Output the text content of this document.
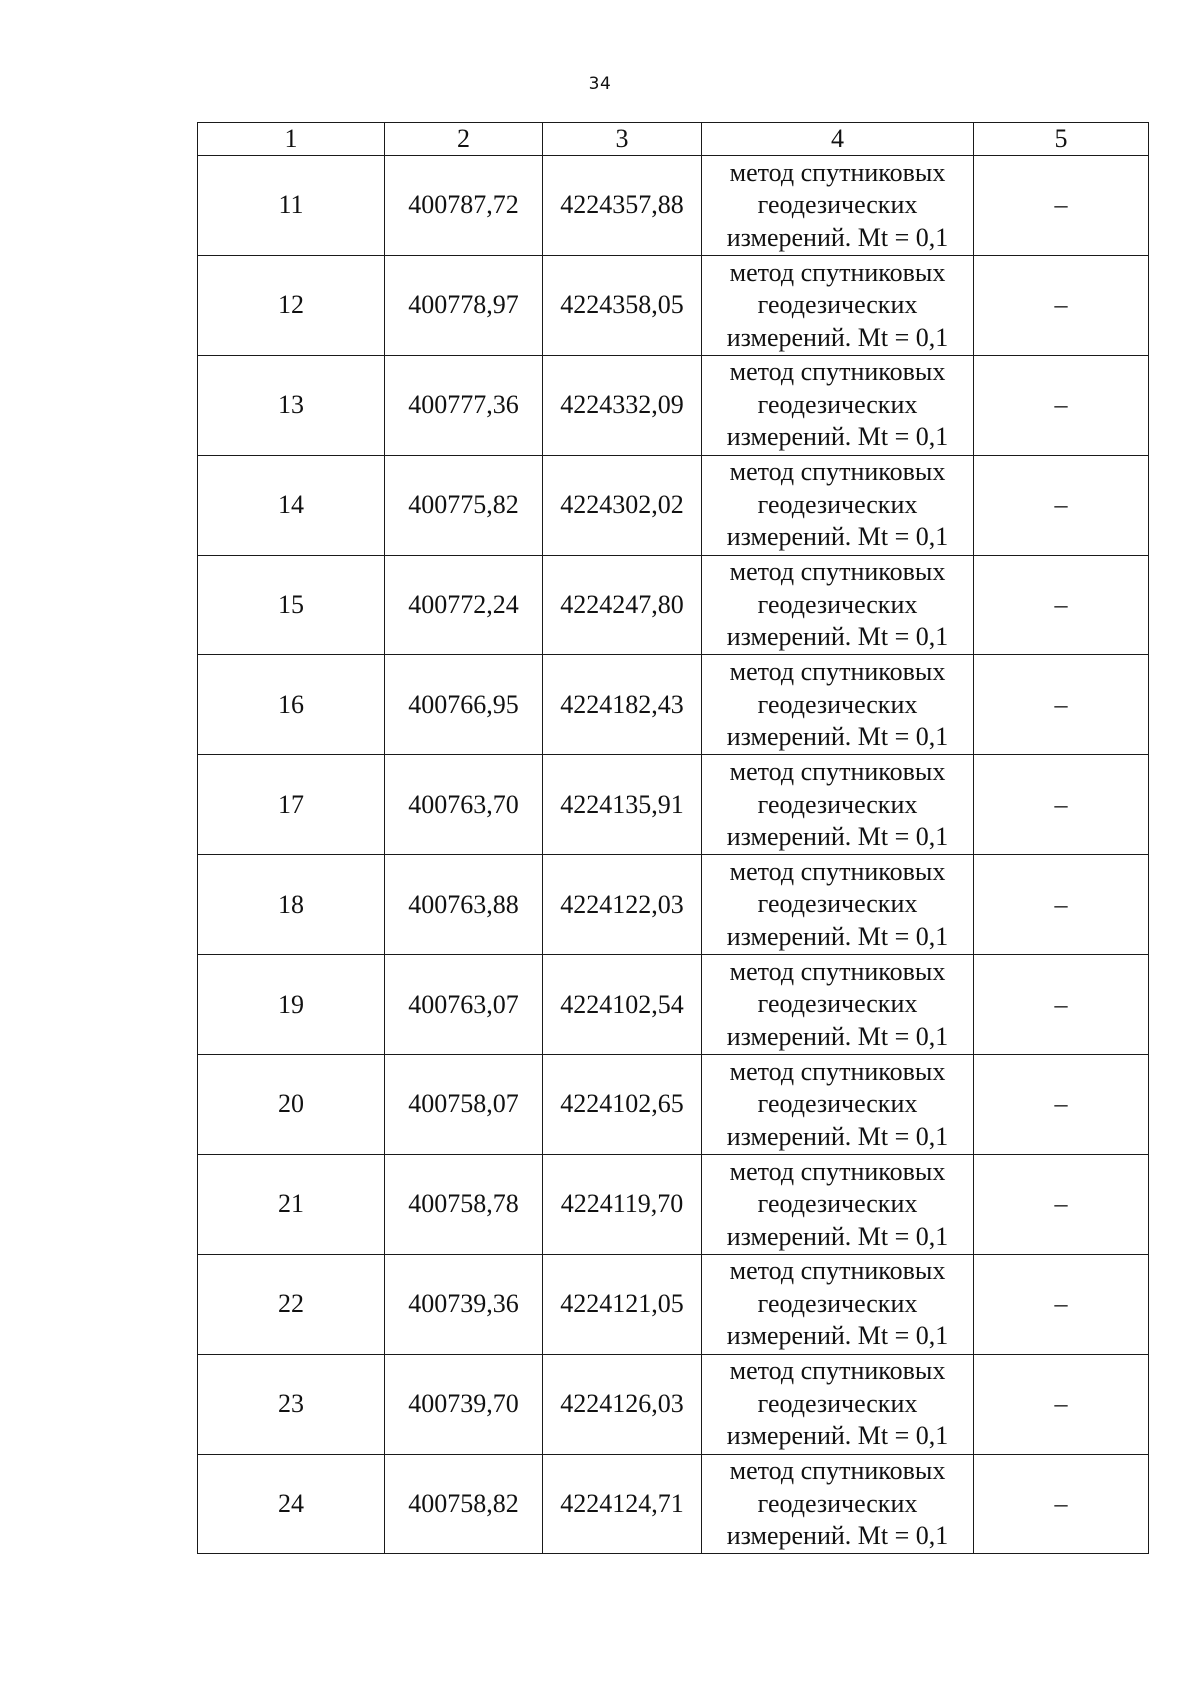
34
1	2	3	4	5
11	400787,72	4224357,88	метод спутниковых
геодезических
измерений. Mt = 0,1	–
12	400778,97	4224358,05	метод спутниковых
геодезических
измерений. Mt = 0,1	–
13	400777,36	4224332,09	метод спутниковых
геодезических
измерений. Mt = 0,1	–
14	400775,82	4224302,02	метод спутниковых
геодезических
измерений. Mt = 0,1	–
15	400772,24	4224247,80	метод спутниковых
геодезических
измерений. Mt = 0,1	–
16	400766,95	4224182,43	метод спутниковых
геодезических
измерений. Mt = 0,1	–
17	400763,70	4224135,91	метод спутниковых
геодезических
измерений. Mt = 0,1	–
18	400763,88	4224122,03	метод спутниковых
геодезических
измерений. Mt = 0,1	–
19	400763,07	4224102,54	метод спутниковых
геодезических
измерений. Mt = 0,1	–
20	400758,07	4224102,65	метод спутниковых
геодезических
измерений. Mt = 0,1	–
21	400758,78	4224119,70	метод спутниковых
геодезических
измерений. Mt = 0,1	–
22	400739,36	4224121,05	метод спутниковых
геодезических
измерений. Mt = 0,1	–
23	400739,70	4224126,03	метод спутниковых
геодезических
измерений. Mt = 0,1	–
24	400758,82	4224124,71	метод спутниковых
геодезических
измерений. Mt = 0,1	–
